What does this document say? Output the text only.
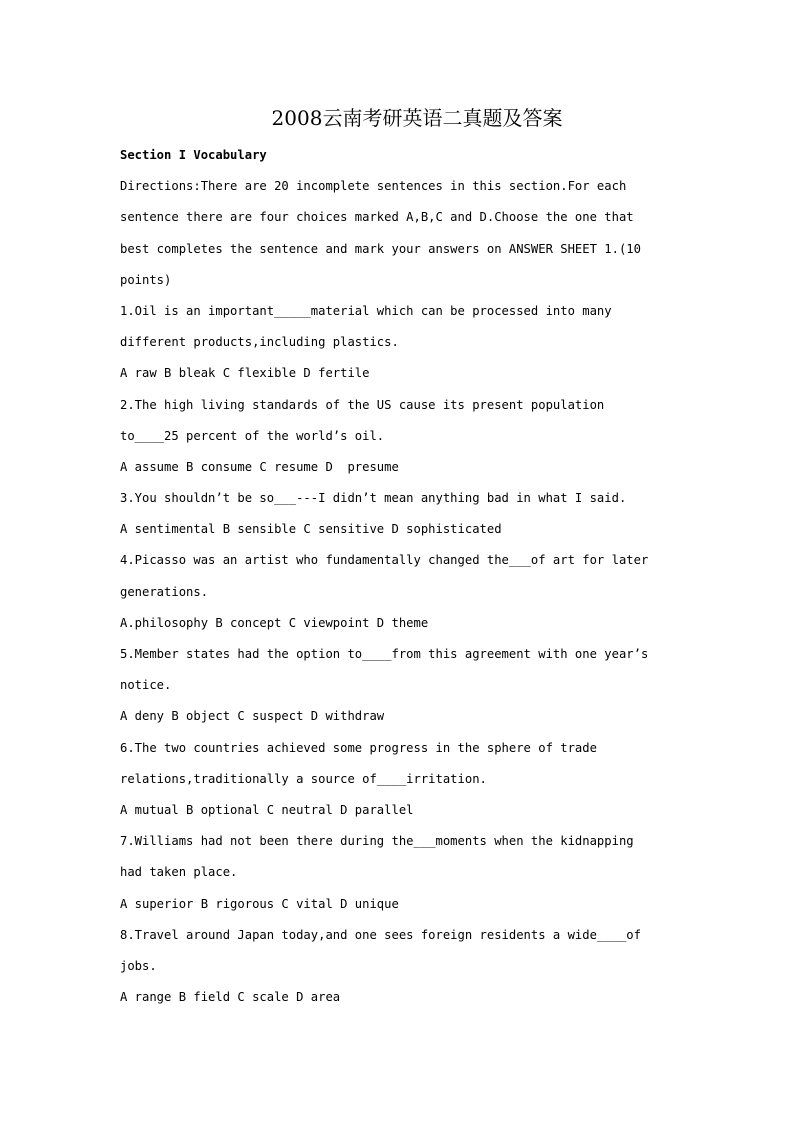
2008云南考研英语二真题及答案
Section I Vocabulary
Directions:There are 20 incomplete sentences in this section.For each
sentence there are four choices marked A,B,C and D.Choose the one that
best completes the sentence and mark your answers on ANSWER SHEET 1.(10
points)
1.Oil is an important_____material which can be processed into many
different products,including plastics.
A raw B bleak C flexible D fertile
2.The high living standards of the US cause its present population
to____25 percent of the world’s oil.
A assume B consume C resume D  presume
3.You shouldn’t be so___---I didn’t mean anything bad in what I said.
A sentimental B sensible C sensitive D sophisticated
4.Picasso was an artist who fundamentally changed the___of art for later
generations.
A.philosophy B concept C viewpoint D theme
5.Member states had the option to____from this agreement with one year’s
notice.
A deny B object C suspect D withdraw
6.The two countries achieved some progress in the sphere of trade
relations,traditionally a source of____irritation.
A mutual B optional C neutral D parallel
7.Williams had not been there during the___moments when the kidnapping
had taken place.
A superior B rigorous C vital D unique
8.Travel around Japan today,and one sees foreign residents a wide____of
jobs.
A range B field C scale D area
